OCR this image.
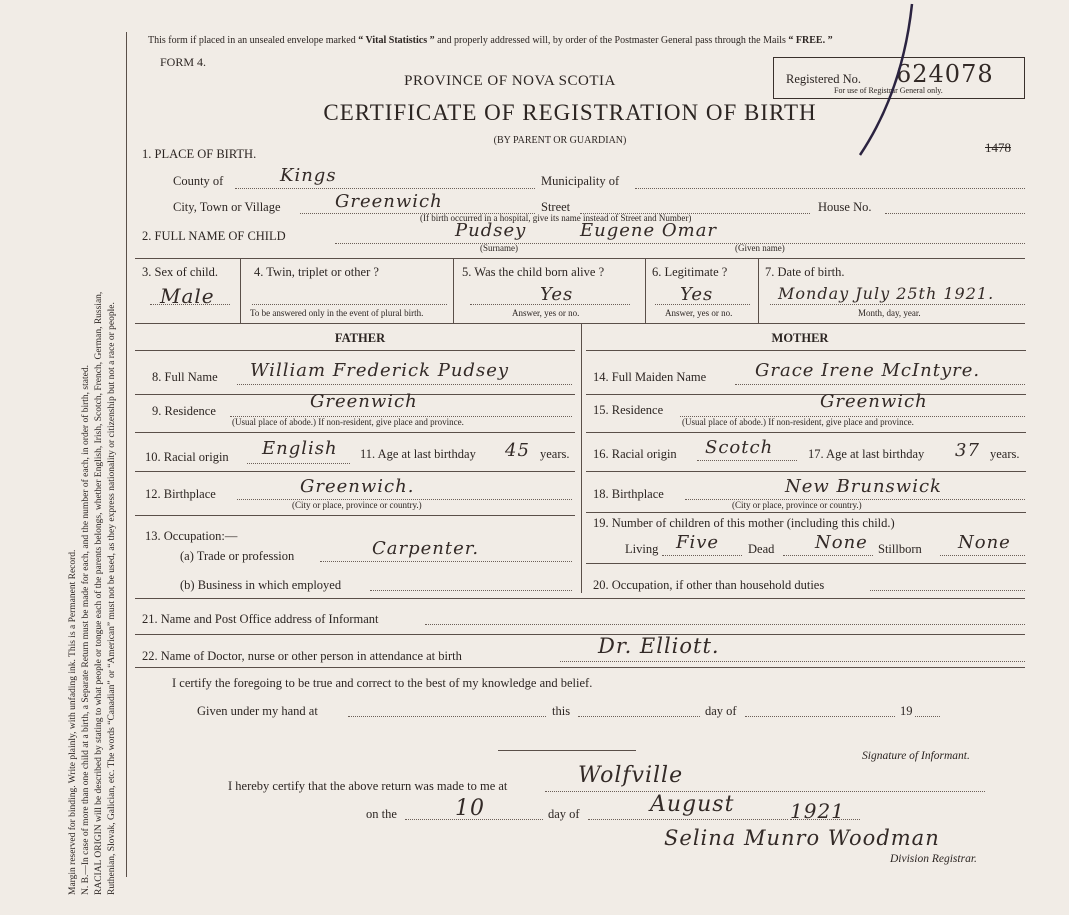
Margin reserved for binding. Write plainly, with unfading ink. This is a Permanent Record. N. B.—In case of more than one child at a birth, a Separate Return must be made for each, and the number of each, in order of birth, stated. RACIAL ORIGIN will be described by stating to what people or tongue each of the parents belongs, whether English, Irish, Scotch, French, German, Russian, Ruthenian, Slovak, Galician, etc. The words “Canadian” or “American” must not be used, as they express nationality or citizenship but not a race or people.
This form if placed in an unsealed envelope marked “ Vital Statistics ” and properly addressed will, by order of the Postmaster General pass through the Mails “ FREE. ”
FORM 4.
Registered No. 624078
For use of Registrar General only.
PROVINCE OF NOVA SCOTIA
CERTIFICATE OF REGISTRATION OF BIRTH
(BY PARENT OR GUARDIAN)	1478
1. PLACE OF BIRTH.
County of	Kings	Municipality of
City, Town or Village	Greenwich	Street	House No.
(If birth occurred in a hospital, give its name instead of Street and Number)
2. FULL NAME OF CHILD	Pudsey	Eugene Omar
(Surname)	(Given name)
3. Sex of child.
Male
4. Twin, triplet or other ?
To be answered only in the event of plural birth.
5. Was the child born alive ?
Yes
Answer, yes or no.
6. Legitimate ?
Yes
Answer, yes or no.
7. Date of birth.
Monday July 25th 1921.
Month, day, year.
FATHER
8. Full Name William Frederick Pudsey
9. Residence	Greenwich
(Usual place of abode.) If non-resident, give place and province.
10. Racial origin English 11. Age at last birthday 45 years.
12. Birthplace	Greenwich.
(City or place, province or country.)
13. Occupation:—
(a) Trade or profession	Carpenter.
(b) Business in which employed
MOTHER
14. Full Maiden Name	Grace Irene McIntyre.
15. Residence	Greenwich
(Usual place of abode.) If non-resident, give place and province.
16. Racial origin Scotch	17. Age at last birthday 37 years.
18. Birthplace	New Brunswick
(City or place, province or country.)
19. Number of children of this mother (including this child.)
Living Five Dead None Stillborn None
20. Occupation, if other than household duties
21. Name and Post Office address of Informant
22. Name of Doctor, nurse or other person in attendance at birth	Dr. Elliott.
I certify the foregoing to be true and correct to the best of my knowledge and belief.
Given under my hand at	this	day of	19
Signature of Informant.
I hereby certify that the above return was made to me at	Wolfville
on the	10	day of	August	1921
Selina Munro Woodman
Division Registrar.
